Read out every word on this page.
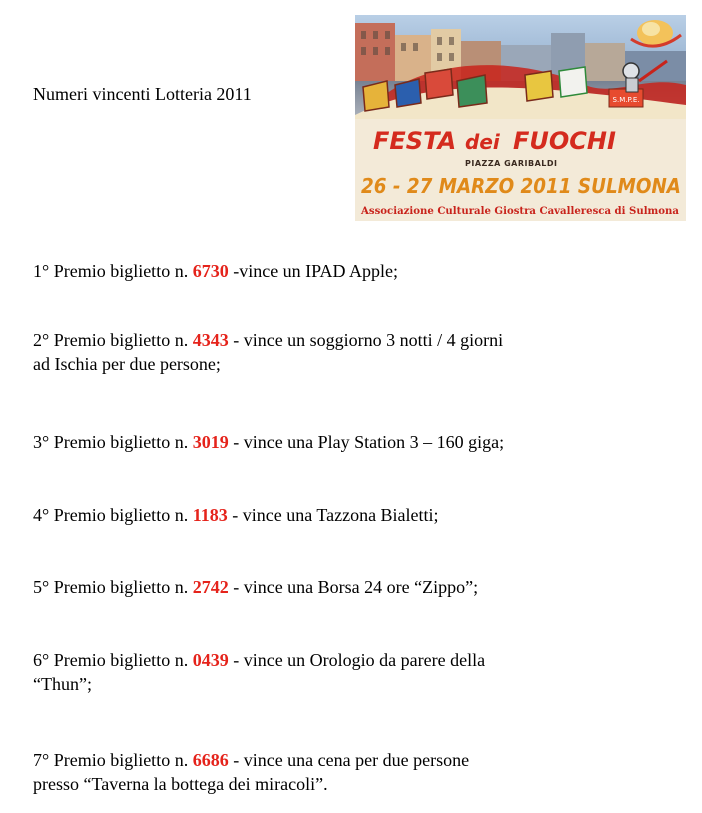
Numeri vincenti Lotteria 2011	S.M.P.E.
FESTA dei FUOCHI
PIAZZA GARIBALDI
26 - 27 MARZO 2011 SULMONA
Associazione Culturale Giostra Cavalleresca di Sulmona
1° Premio biglietto n. 6730 -vince un IPAD Apple;
2° Premio biglietto n. 4343 - vince un soggiorno 3 notti / 4 giorni
ad Ischia per due persone;
3° Premio biglietto n. 3019 - vince una Play Station 3 – 160 giga;
4° Premio biglietto n. 1183 - vince una Tazzona Bialetti;
5° Premio biglietto n. 2742 - vince una Borsa 24 ore “Zippo”;
6° Premio biglietto n. 0439 - vince un Orologio da parere della
“Thun”;
7° Premio biglietto n. 6686 - vince una cena per due persone
presso “Taverna la bottega dei miracoli”.
